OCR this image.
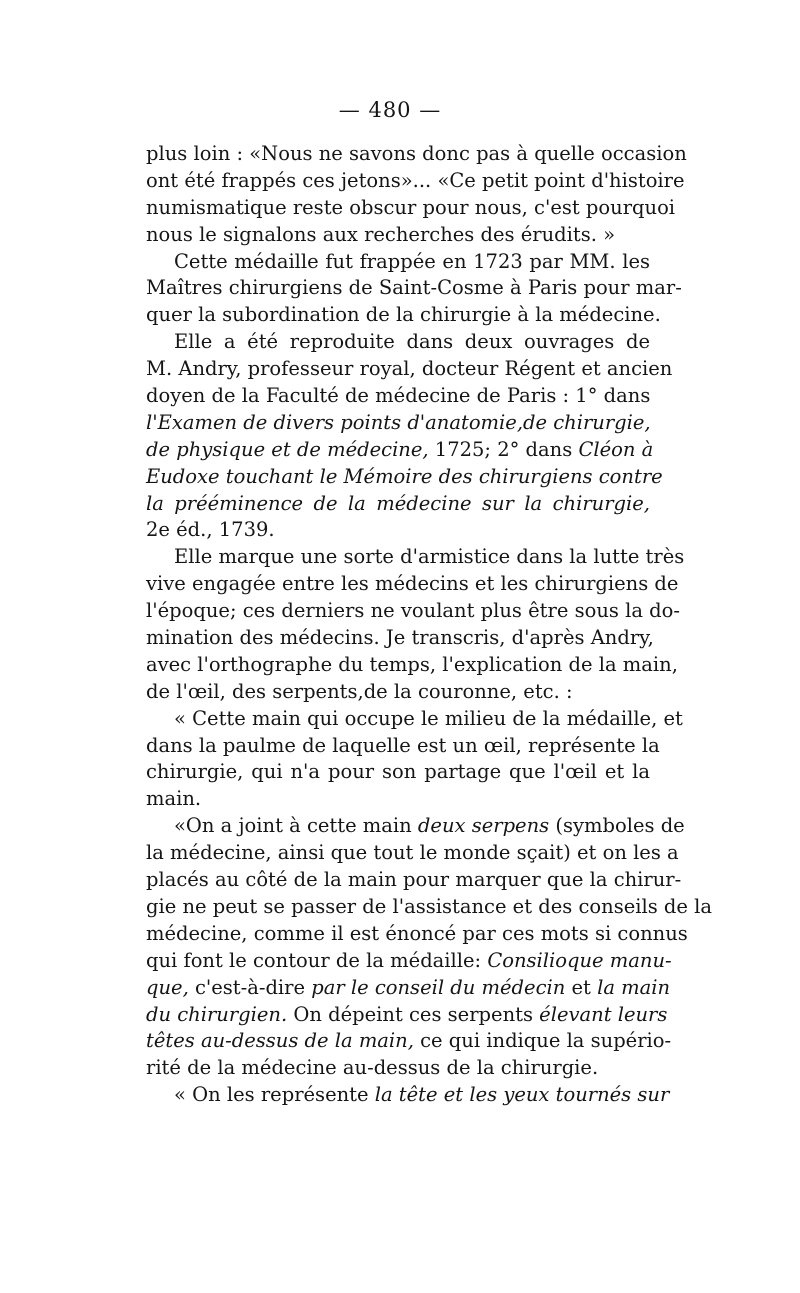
— 480 —
plus loin : «Nous ne savons donc pas à quelle occasion
ont été frappés ces jetons»... «Ce petit point d'histoire
numismatique reste obscur pour nous, c'est pourquoi
nous le signalons aux recherches des érudits. »
Cette médaille fut frappée en 1723 par MM. les
Maîtres chirurgiens de Saint-Cosme à Paris pour mar-
quer la subordination de la chirurgie à la médecine.
Elle a été reproduite dans deux ouvrages de
M. Andry, professeur royal, docteur Régent et ancien
doyen de la Faculté de médecine de Paris : 1° dans
l'Examen de divers points d'anatomie,de chirurgie,
de physique et de médecine, 1725; 2° dans Cléon à
Eudoxe touchant le Mémoire des chirurgiens contre
la prééminence de la médecine sur la chirurgie,
2e éd., 1739.
Elle marque une sorte d'armistice dans la lutte très
vive engagée entre les médecins et les chirurgiens de
l'époque; ces derniers ne voulant plus être sous la do-
mination des médecins. Je transcris, d'après Andry,
avec l'orthographe du temps, l'explication de la main,
de l'œil, des serpents,de la couronne, etc. :
« Cette main qui occupe le milieu de la médaille, et
dans la paulme de laquelle est un œil, représente la
chirurgie, qui n'a pour son partage que l'œil et la
main.
«On a joint à cette main deux serpens (symboles de
la médecine, ainsi que tout le monde sçait) et on les a
placés au côté de la main pour marquer que la chirur-
gie ne peut se passer de l'assistance et des conseils de la
médecine, comme il est énoncé par ces mots si connus
qui font le contour de la médaille: Consilioque manu-
que, c'est-à-dire par le conseil du médecin et la main
du chirurgien. On dépeint ces serpents élevant leurs
têtes au-dessus de la main, ce qui indique la supério-
rité de la médecine au-dessus de la chirurgie.
« On les représente la tête et les yeux tournés sur
